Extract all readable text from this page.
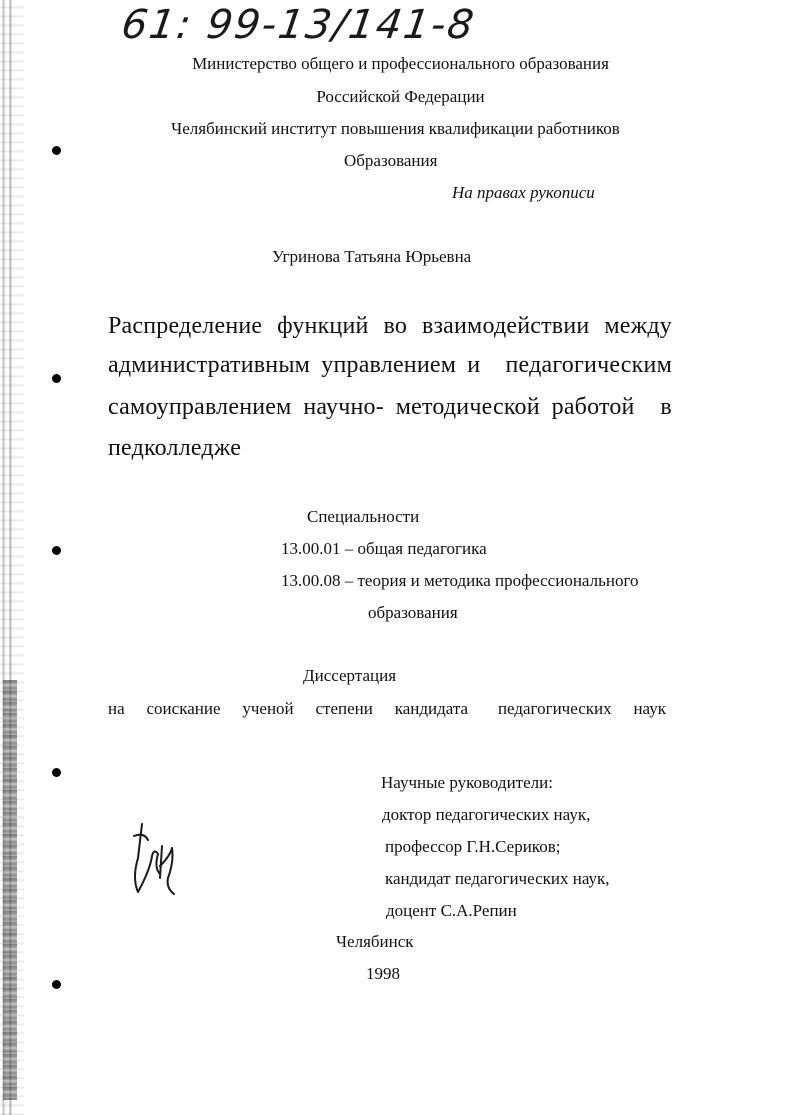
61: 99-13/141-8
Министерство общего и профессионального образования
Российской Федерации
Челябинский институт повышения квалификации работников
Образования
На правах рукописи
Угринова Татьяна Юрьевна
Распределение функций во взаимодействии между
административным управлением и педагогическим
самоуправлением научно- методической работой в
педколледже
Специальности
13.00.01 – общая педагогика
13.00.08 – теория и методика профессионального
образования
Диссертация
на соискание ученой степени кандидата педагогических наук
Научные руководители:
доктор педагогических наук,
профессор Г.Н.Сериков;
кандидат педагогических наук,
доцент С.А.Репин
Челябинск
1998
